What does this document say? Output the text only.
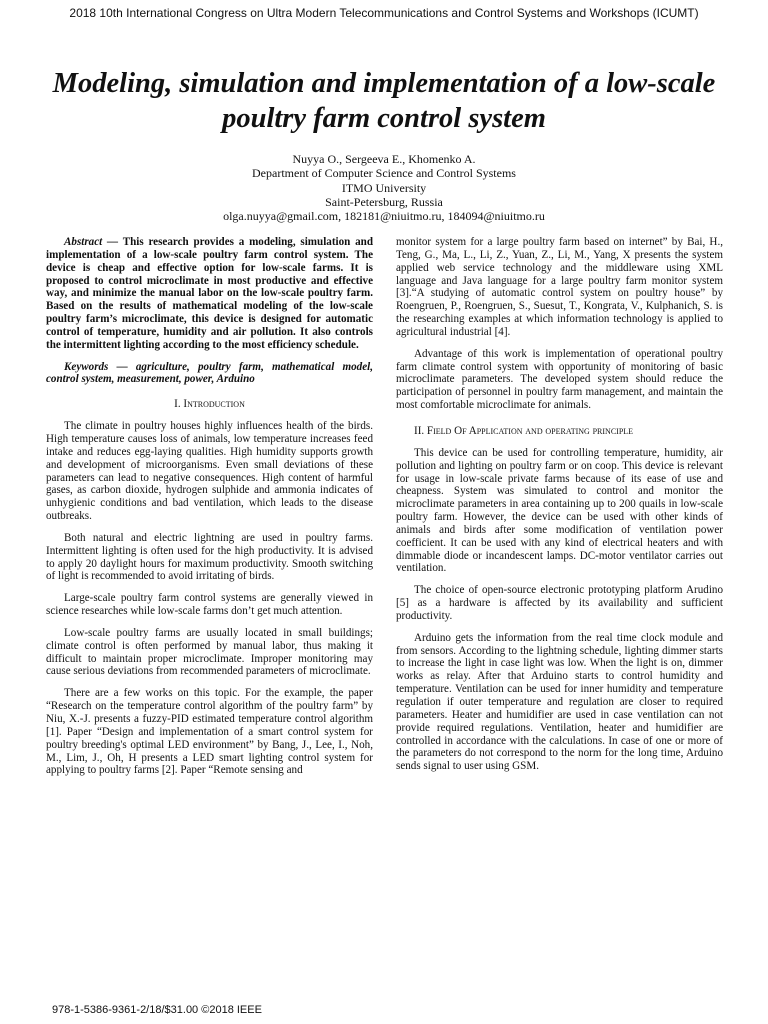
2018 10th International Congress on Ultra Modern Telecommunications and Control Systems and Workshops (ICUMT)
Modeling, simulation and implementation of a low-scale poultry farm control system
Nuyya O., Sergeeva E., Khomenko A.
Department of Computer Science and Control Systems
ITMO University
Saint-Petersburg, Russia
olga.nuyya@gmail.com, 182181@niuitmo.ru, 184094@niuitmo.ru

Abstract — This research provides a modeling, simulation and implementation of a low-scale poultry farm control system. The device is cheap and effective option for low-scale farms. It is proposed to control microclimate in most productive and effective way, and minimize the manual labor on the low-scale poultry farm. Based on the results of mathematical modeling of the low-scale poultry farm’s microclimate, this device is designed for automatic control of temperature, humidity and air pollution. It also controls the intermittent lighting according to the most efficiency schedule.

Keywords — agriculture, poultry farm, mathematical model, control system, measurement, power, Arduino

I. Introduction

The climate in poultry houses highly influences health of the birds. High temperature causes loss of animals, low temperature increases feed intake and reduces egg-laying qualities. High humidity supports growth and development of microorganisms. Even small deviations of these parameters can lead to negative consequences. High content of harmful gases, as carbon dioxide, hydrogen sulphide and ammonia indicates of unhygienic conditions and bad ventilation, which leads to the disease outbreaks.

Both natural and electric lightning are used in poultry farms. Intermittent lighting is often used for the high productivity. It is advised to apply 20 daylight hours for maximum productivity. Smooth switching of light is recommended to avoid irritating of birds.

Large-scale poultry farm control systems are generally viewed in science researches while low-scale farms don’t get much attention.

Low-scale poultry farms are usually located in small buildings; climate control is often performed by manual labor, thus making it difficult to maintain proper microclimate. Improper monitoring may cause serious deviations from recommended parameters of microclimate.

There are a few works on this topic. For the example, the paper “Research on the temperature control algorithm of the poultry farm” by Niu, X.-J. presents a fuzzy-PID estimated temperature control algorithm [1]. Paper “Design and implementation of a smart control system for poultry breeding's optimal LED environment” by Bang, J., Lee, I., Noh, M., Lim, J., Oh, H presents a LED smart lighting control system for applying to poultry farms [2]. Paper “Remote sensing and

monitor system for a large poultry farm based on internet” by Bai, H., Teng, G., Ma, L., Li, Z., Yuan, Z., Li, M., Yang, X presents the system applied web service technology and the middleware using XML language and Java language for a large poultry farm monitor system [3].“A studying of automatic control system on poultry house” by Roengruen, P., Roengruen, S., Suesut, T., Kongrata, V., Kulphanich, S. is the researching examples at which information technology is applied to agricultural industrial [4].

Advantage of this work is implementation of operational poultry farm climate control system with opportunity of monitoring of basic microclimate parameters. The developed system should reduce the participation of personnel in poultry farm management, and maintain the most comfortable microclimate for animals.

II. Field Of Application and operating principle

This device can be used for controlling temperature, humidity, air pollution and lighting on poultry farm or on coop. This device is relevant for usage in low-scale private farms because of its ease of use and cheapness. System was simulated to control and monitor the microclimate parameters in area containing up to 200 quails in low-scale poultry farm. However, the device can be used with other kinds of animals and birds after some modification of ventilation power coefficient. It can be used with any kind of electrical heaters and with dimmable diode or incandescent lamps. DC-motor ventilator carries out ventilation.

The choice of open-source electronic prototyping platform Arudino [5] as a hardware is affected by its availability and sufficient productivity.

Arduino gets the information from the real time clock module and from sensors. According to the lightning schedule, lighting dimmer starts to increase the light in case light was low. When the light is on, dimmer works as relay. After that Arduino starts to control humidity and temperature. Ventilation can be used for inner humidity and temperature regulation if outer temperature and regulation are closer to required parameters. Heater and humidifier are used in case ventilation can not provide required regulations. Ventilation, heater and humidifier are controlled in accordance with the calculations. In case of one or more of the parameters do not correspond to the norm for the long time, Arduino sends signal to user using GSM.

978-1-5386-9361-2/18/$31.00 ©2018 IEEE
